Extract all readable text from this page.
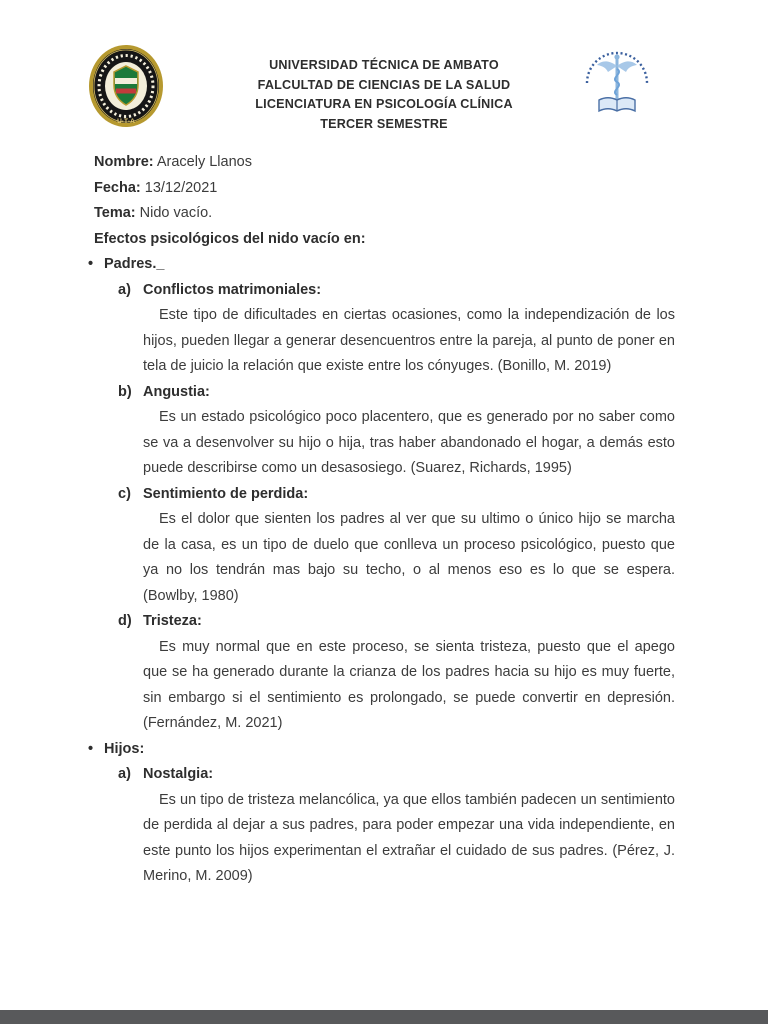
U·T·A
UNIVERSIDAD TÉCNICA DE AMBATO
FALCULTAD DE CIENCIAS DE LA SALUD
LICENCIATURA EN PSICOLOGÍA CLÍNICA
TERCER SEMESTRE

Nombre: Aracely Llanos

Fecha: 13/12/2021

Tema: Nido vacío.

Efectos psicológicos del nido vacío en:

• Padres._
a) Conflictos matrimoniales:

Este tipo de dificultades en ciertas ocasiones, como la independización de los hijos, pueden llegar a generar desencuentros entre la pareja, al punto de poner en tela de juicio la relación que existe entre los cónyuges. (Bonillo, M. 2019)

b) Angustia:

Es un estado psicológico poco placentero, que es generado por no saber como se va a desenvolver su hijo o hija, tras haber abandonado el hogar, a demás esto puede describirse como un desasosiego. (Suarez, Richards, 1995)

c) Sentimiento de perdida:

Es el dolor que sienten los padres al ver que su ultimo o único hijo se marcha de la casa, es un tipo de duelo que conlleva un proceso psicológico, puesto que ya no los tendrán mas bajo su techo, o al menos eso es lo que se espera. (Bowlby, 1980)

d) Tristeza:

Es muy normal que en este proceso, se sienta tristeza, puesto que el apego que se ha generado durante la crianza de los padres hacia su hijo es muy fuerte, sin embargo si el sentimiento es prolongado, se puede convertir en depresión. (Fernández, M. 2021)

• Hijos:
a) Nostalgia:

Es un tipo de tristeza melancólica, ya que ellos también padecen un sentimiento de perdida al dejar a sus padres, para poder empezar una vida independiente, en este punto los hijos experimentan el extrañar el cuidado de sus padres. (Pérez, J. Merino, M. 2009)
